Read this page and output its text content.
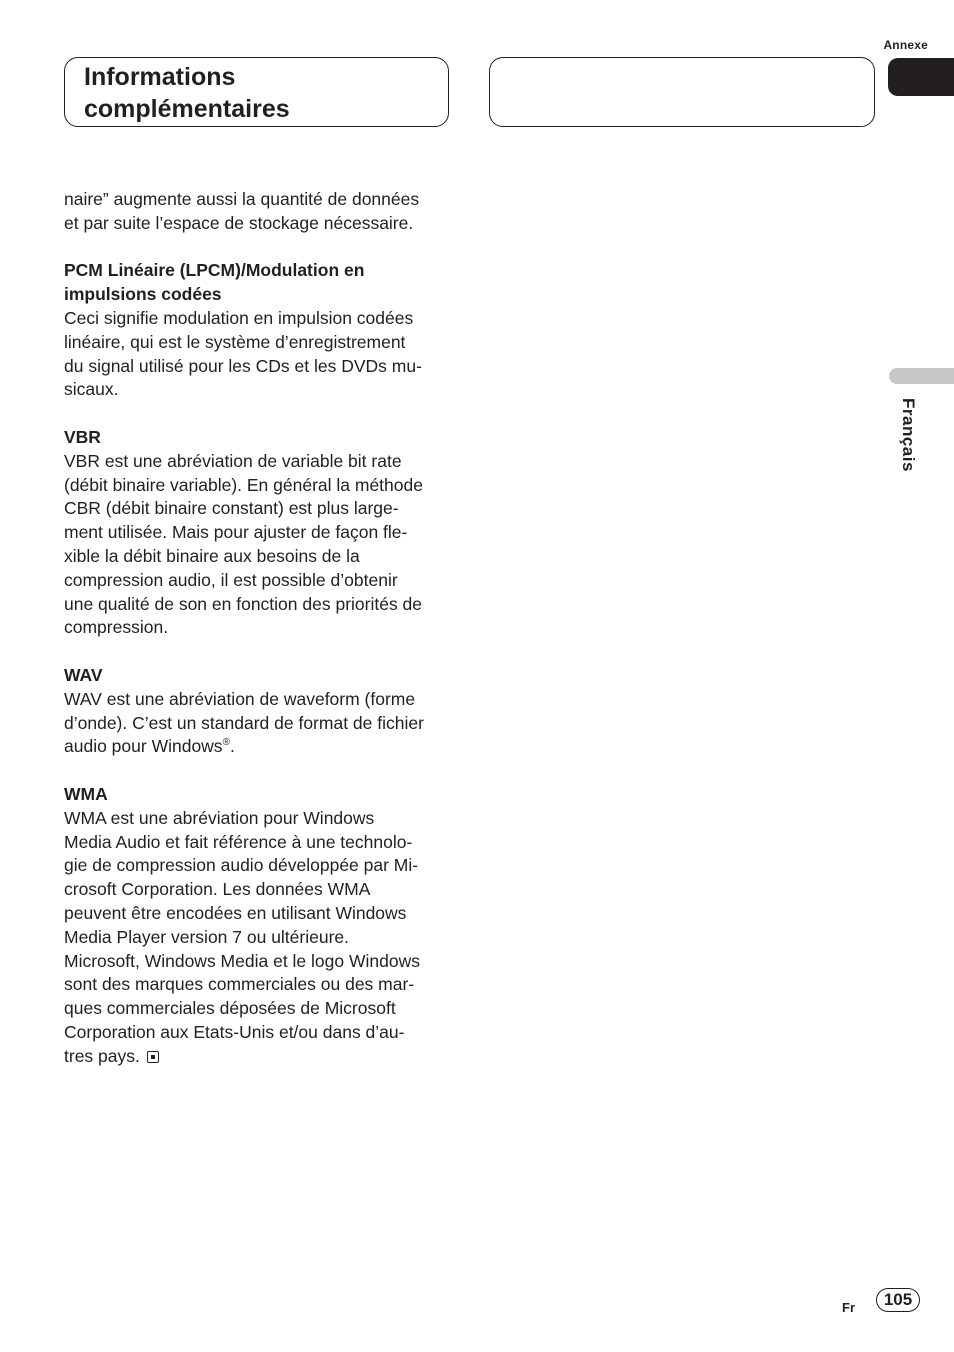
Annexe
Informations
complémentaires
Français

naire” augmente aussi la quantité de données
et par suite l’espace de stockage nécessaire.

PCM Linéaire (LPCM)/Modulation en
impulsions codées

Ceci signifie modulation en impulsion codées
linéaire, qui est le système d’enregistrement
du signal utilisé pour les CDs et les DVDs mu-
sicaux.

VBR

VBR est une abréviation de variable bit rate
(débit binaire variable). En général la méthode
CBR (débit binaire constant) est plus large-
ment utilisée. Mais pour ajuster de façon fle-
xible la débit binaire aux besoins de la
compression audio, il est possible d’obtenir
une qualité de son en fonction des priorités de
compression.

WAV

WAV est une abréviation de waveform (forme
d’onde). C’est un standard de format de fichier
audio pour Windows®.

WMA

WMA est une abréviation pour Windows
Media Audio et fait référence à une technolo-
gie de compression audio développée par Mi-
crosoft Corporation. Les données WMA
peuvent être encodées en utilisant Windows
Media Player version 7 ou ultérieure.
Microsoft, Windows Media et le logo Windows
sont des marques commerciales ou des mar-
ques commerciales déposées de Microsoft
Corporation aux Etats-Unis et/ou dans d’au-
tres pays.

Fr	105
